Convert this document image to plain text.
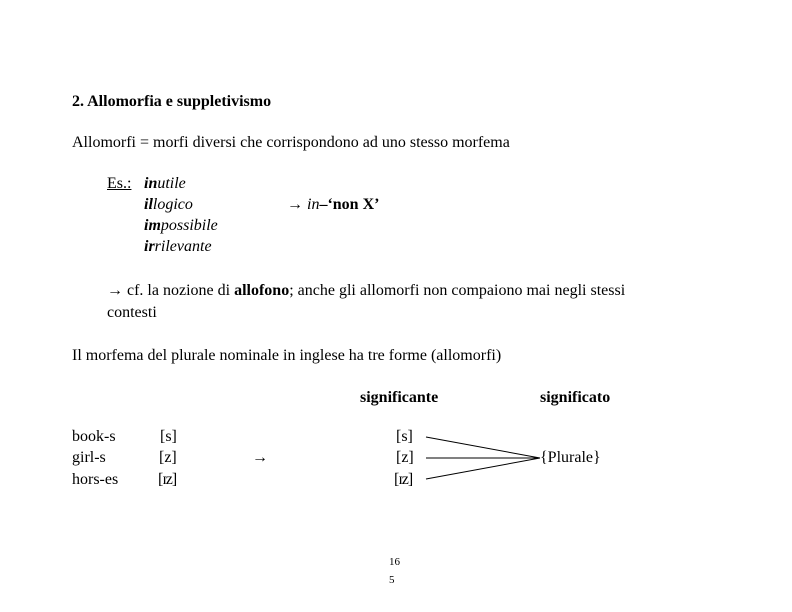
2. Allomorfia e suppletivismo
Allomorfi = morfi diversi che corrispondono ad uno stesso morfema
Es.: inutile
illogico
impossibile
irrilevante
→ in–‘non X’
→ cf. la nozione di allofono; anche gli allomorfi non compaiono mai negli stessi
contesti
Il morfema del plurale nominale in inglese ha tre forme (allomorfi)
significante	significato
book-s
girl-s
hors-es
[s]
[z]
[ɪz]
→
[s]
[z]
[ɪz]
{Plurale}
16
5
